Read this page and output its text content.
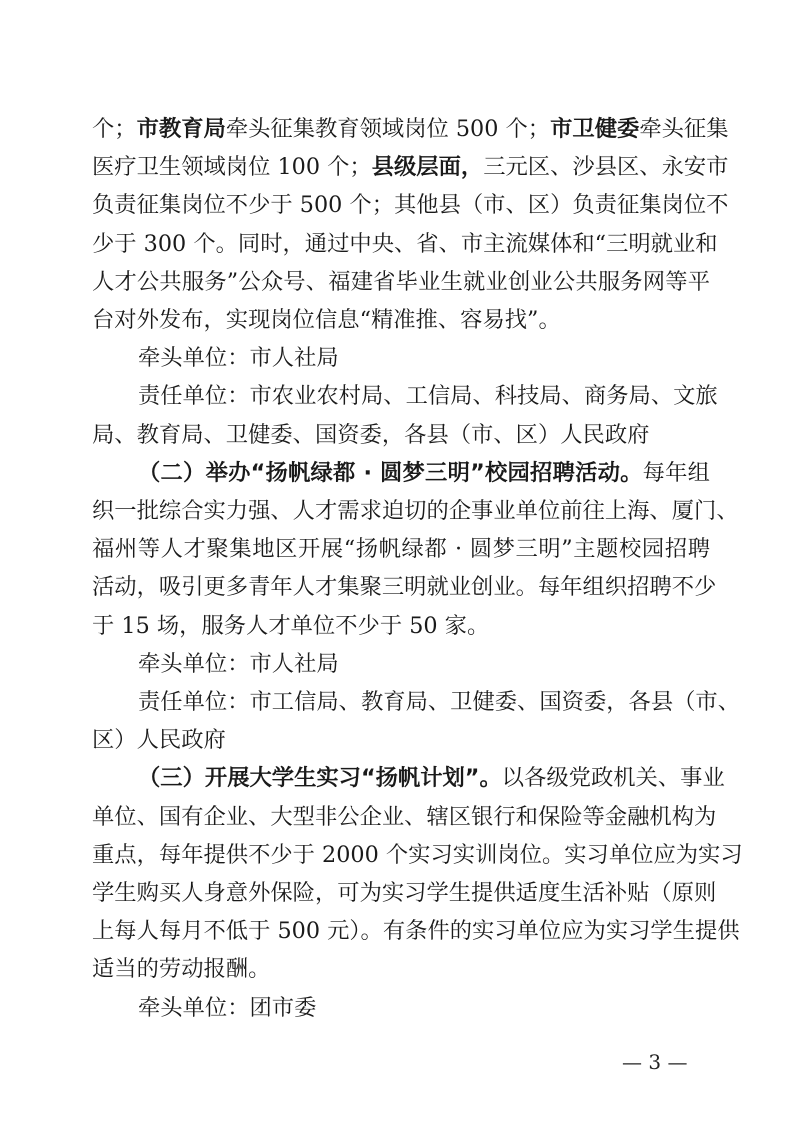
个；市教育局牵头征集教育领域岗位 500 个；市卫健委牵头征集
医疗卫生领域岗位 100 个；县级层面，三元区、沙县区、永安市
负责征集岗位不少于 500 个；其他县（市、区）负责征集岗位不
少于 300 个。同时，通过中央、省、市主流媒体和“三明就业和
人才公共服务”公众号、福建省毕业生就业创业公共服务网等平
台对外发布，实现岗位信息“精准推、容易找”。
牵头单位：市人社局
责任单位：市农业农村局、工信局、科技局、商务局、文旅
局、教育局、卫健委、国资委，各县（市、区）人民政府
（二）举办“扬帆绿都 · 圆梦三明”校园招聘活动。每年组
织一批综合实力强、人才需求迫切的企事业单位前往上海、厦门、
福州等人才聚集地区开展“扬帆绿都 · 圆梦三明”主题校园招聘
活动，吸引更多青年人才集聚三明就业创业。每年组织招聘不少
于 15 场，服务人才单位不少于 50 家。
牵头单位：市人社局
责任单位：市工信局、教育局、卫健委、国资委，各县（市、
区）人民政府
（三）开展大学生实习“扬帆计划”。以各级党政机关、事业
单位、国有企业、大型非公企业、辖区银行和保险等金融机构为
重点，每年提供不少于 2000 个实习实训岗位。实习单位应为实习
学生购买人身意外保险，可为实习学生提供适度生活补贴（原则
上每人每月不低于 500 元）。有条件的实习单位应为实习学生提供
适当的劳动报酬。
牵头单位：团市委
— 3 —
